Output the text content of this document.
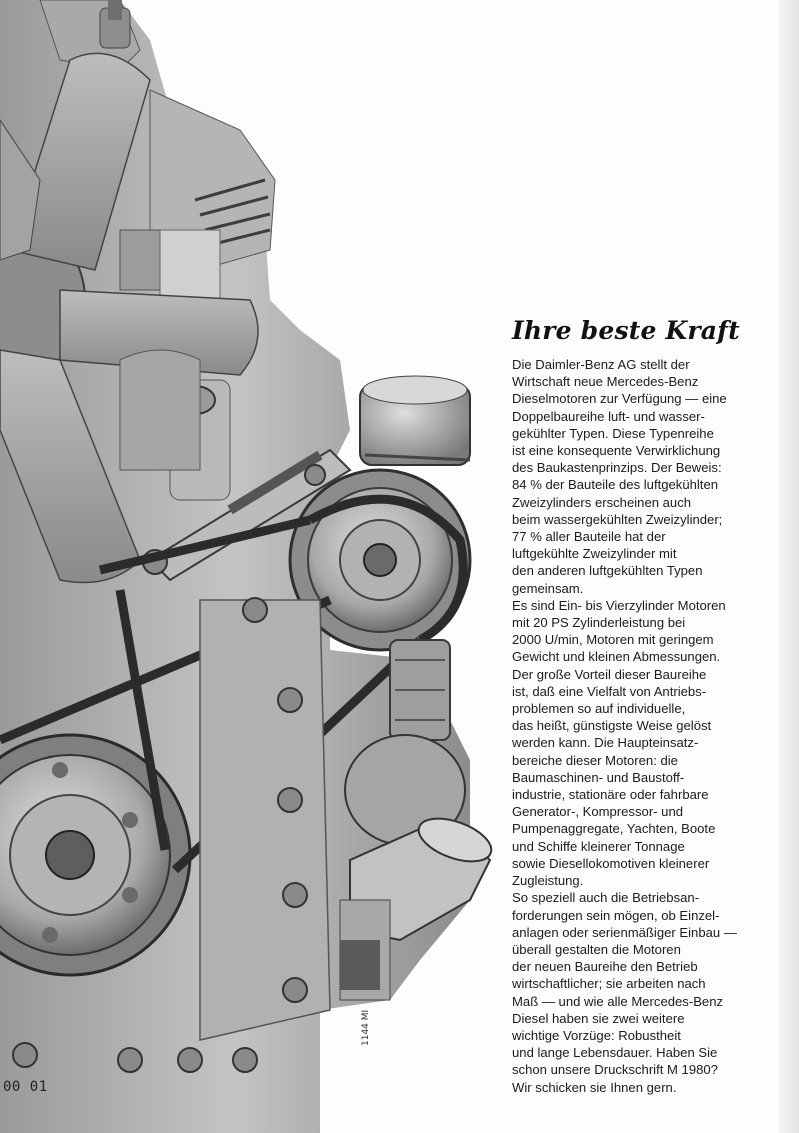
1144 MI
00 01
Ihre beste Kraft
Die Daimler-Benz AG stellt der
Wirtschaft neue Mercedes-Benz
Dieselmotoren zur Verfügung — eine
Doppelbaureihe luft- und wasser-
gekühlter Typen. Diese Typenreihe
ist eine konsequente Verwirklichung
des Baukastenprinzips. Der Beweis:
84 % der Bauteile des luftgekühlten
Zweizylinders erscheinen auch
beim wassergekühlten Zweizylinder;
77 % aller Bauteile hat der
luftgekühlte Zweizylinder mit
den anderen luftgekühlten Typen
gemeinsam.
Es sind Ein- bis Vierzylinder Motoren
mit 20 PS Zylinderleistung bei
2000 U/min, Motoren mit geringem
Gewicht und kleinen Abmessungen.
Der große Vorteil dieser Baureihe
ist, daß eine Vielfalt von Antriebs-
problemen so auf individuelle,
das heißt, günstigste Weise gelöst
werden kann. Die Haupteinsatz-
bereiche dieser Motoren: die
Baumaschinen- und Baustoff-
industrie, stationäre oder fahrbare
Generator-, Kompressor- und
Pumpenaggregate, Yachten, Boote
und Schiffe kleinerer Tonnage
sowie Diesellokomotiven kleinerer
Zugleistung.
So speziell auch die Betriebsan-
forderungen sein mögen, ob Einzel-
anlagen oder serienmäßiger Einbau —
überall gestalten die Motoren
der neuen Baureihe den Betrieb
wirtschaftlicher; sie arbeiten nach
Maß — und wie alle Mercedes-Benz
Diesel haben sie zwei weitere
wichtige Vorzüge: Robustheit
und lange Lebensdauer. Haben Sie
schon unsere Druckschrift M 1980?
Wir schicken sie Ihnen gern.
